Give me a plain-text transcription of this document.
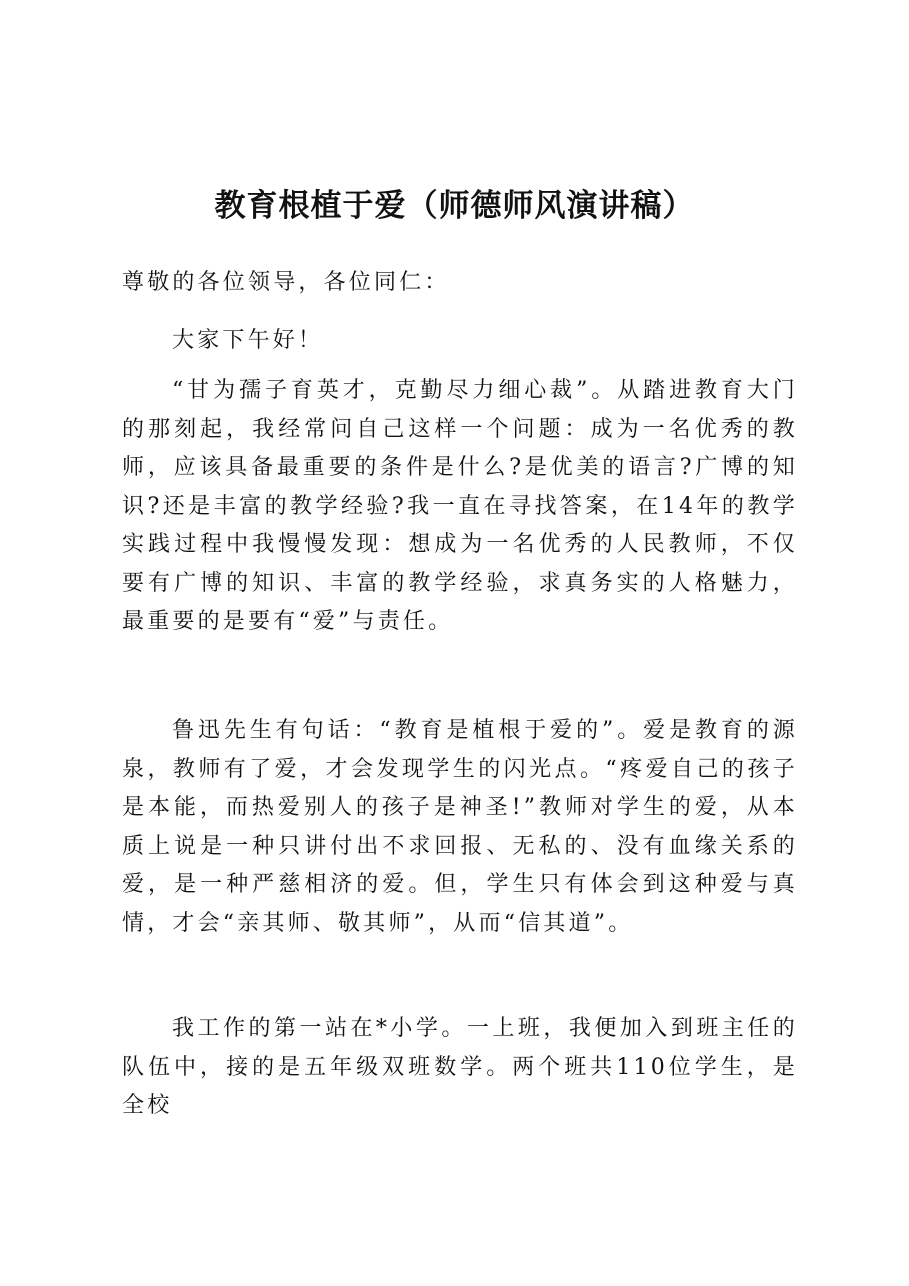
教育根植于爱（师德师风演讲稿）
尊敬的各位领导，各位同仁：
大家下午好！
“甘为孺子育英才，克勤尽力细心裁”。从踏进教育大门的那刻起，我经常问自己这样一个问题：成为一名优秀的教师，应该具备最重要的条件是什么?是优美的语言?广博的知识?还是丰富的教学经验?我一直在寻找答案，在14年的教学实践过程中我慢慢发现：想成为一名优秀的人民教师，不仅要有广博的知识、丰富的教学经验，求真务实的人格魅力，最重要的是要有“爱”与责任。
鲁迅先生有句话：“教育是植根于爱的”。爱是教育的源泉，教师有了爱，才会发现学生的闪光点。“疼爱自己的孩子是本能，而热爱别人的孩子是神圣!”教师对学生的爱，从本质上说是一种只讲付出不求回报、无私的、没有血缘关系的爱，是一种严慈相济的爱。但，学生只有体会到这种爱与真情，才会“亲其师、敬其师”，从而“信其道”。
我工作的第一站在*小学。一上班，我便加入到班主任的队伍中，接的是五年级双班数学。两个班共110位学生，是全校
